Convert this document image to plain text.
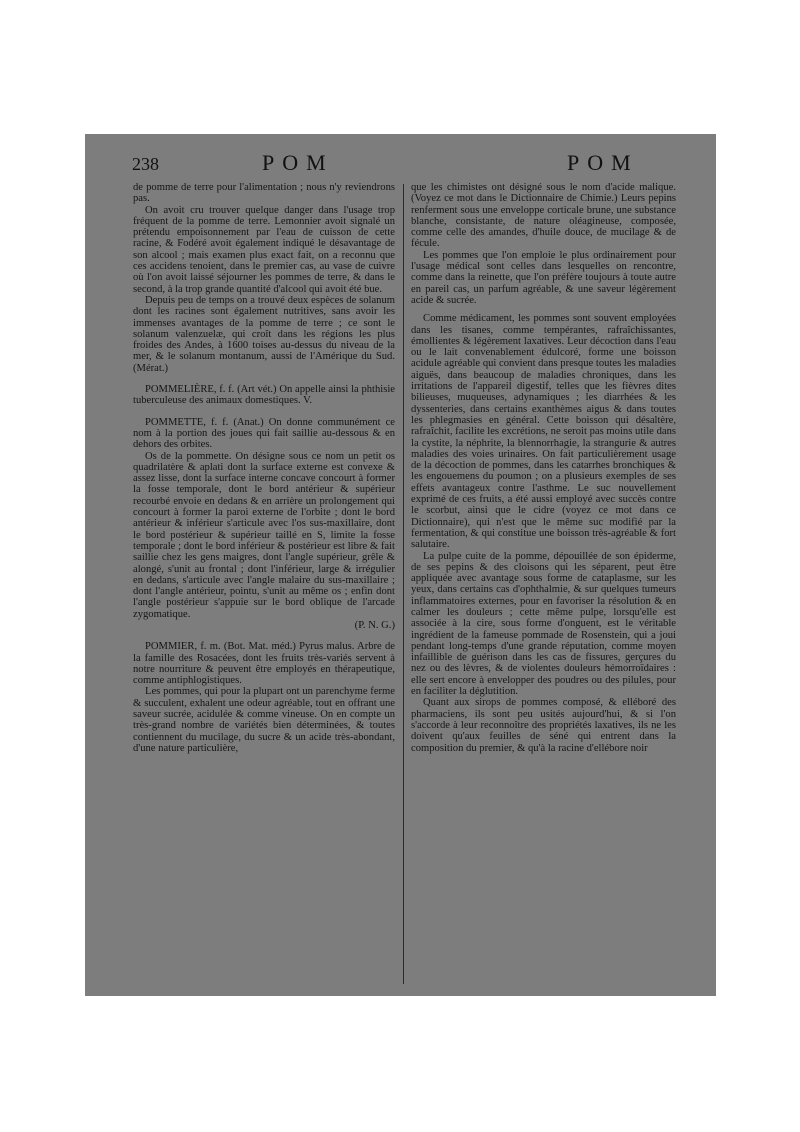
238	POM	POM

de pomme de terre pour l'alimentation ; nous n'y reviendrons pas.

On avoit cru trouver quelque danger dans l'usage trop fréquent de la pomme de terre. Lemonnier avoit signalé un prétendu empoisonnement par l'eau de cuisson de cette racine, & Fodéré avoit également indiqué le désavantage de son alcool ; mais examen plus exact fait, on a reconnu que ces accidens tenoient, dans le premier cas, au vase de cuivre où l'on avoit laissé séjourner les pommes de terre, & dans le second, à la trop grande quantité d'alcool qui avoit été bue.

Depuis peu de temps on a trouvé deux espèces de solanum dont les racines sont également nutritives, sans avoir les immenses avantages de la pomme de terre ; ce sont le solanum valenzuelæ, qui croît dans les régions les plus froides des Andes, à 1600 toises au-dessus du niveau de la mer, & le solanum montanum, aussi de l'Amérique du Sud. (Mérat.)

POMMELIÈRE, f. f. (Art vét.) On appelle ainsi la phthisie tuberculeuse des animaux domestiques. V.

POMMETTE, f. f. (Anat.) On donne communément ce nom à la portion des joues qui fait saillie au-dessous & en dehors des orbites.

Os de la pommette. On désigne sous ce nom un petit os quadrilatère & aplati dont la surface externe est convexe & assez lisse, dont la surface interne concave concourt à former la fosse temporale, dont le bord antérieur & supérieur recourbé envoie en dedans & en arrière un prolongement qui concourt à former la paroi externe de l'orbite ; dont le bord antérieur & inférieur s'articule avec l'os sus-maxillaire, dont le bord postérieur & supérieur taillé en S, limite la fosse temporale ; dont le bord inférieur & postérieur est libre & fait saillie chez les gens maigres, dont l'angle supérieur, grêle & alongé, s'unit au frontal ; dont l'inférieur, large & irrégulier en dedans, s'articule avec l'angle malaire du sus-maxillaire ; dont l'angle antérieur, pointu, s'unit au même os ; enfin dont l'angle postérieur s'appuie sur le bord oblique de l'arcade zygomatique.

(P. N. G.)

POMMIER, f. m. (Bot. Mat. méd.) Pyrus malus. Arbre de la famille des Rosacées, dont les fruits très-variés servent à notre nourriture & peuvent être employés en thérapeutique, comme antiphlogistiques.

Les pommes, qui pour la plupart ont un parenchyme ferme & succulent, exhalent une odeur agréable, tout en offrant une saveur sucrée, acidulée & comme vineuse. On en compte un très-grand nombre de variétés bien déterminées, & toutes contiennent du mucilage, du sucre & un acide très-abondant, d'une nature particulière,

que les chimistes ont désigné sous le nom d'acide malique. (Voyez ce mot dans le Dictionnaire de Chimie.) Leurs pepins renferment sous une enveloppe corticale brune, une substance blanche, consistante, de nature oléagineuse, composée, comme celle des amandes, d'huile douce, de mucilage & de fécule.

Les pommes que l'on emploie le plus ordinairement pour l'usage médical sont celles dans lesquelles on rencontre, comme dans la reinette, que l'on préfère toujours à toute autre en pareil cas, un parfum agréable, & une saveur légèrement acide & sucrée.

Comme médicament, les pommes sont souvent employées dans les tisanes, comme tempérantes, rafraîchissantes, émollientes & légèrement laxatives. Leur décoction dans l'eau ou le lait convenablement édulcoré, forme une boisson acidule agréable qui convient dans presque toutes les maladies aiguës, dans beaucoup de maladies chroniques, dans les irritations de l'appareil digestif, telles que les fièvres dites bilieuses, muqueuses, adynamiques ; les diarrhées & les dyssenteries, dans certains exanthèmes aigus & dans toutes les phlegmasies en général. Cette boisson qui désaltère, rafraîchit, facilite les excrétions, ne seroit pas moins utile dans la cystite, la néphrite, la blennorrhagie, la strangurie & autres maladies des voies urinaires. On fait particulièrement usage de la décoction de pommes, dans les catarrhes bronchiques & les engouemens du poumon ; on a plusieurs exemples de ses effets avantageux contre l'asthme. Le suc nouvellement exprimé de ces fruits, a été aussi employé avec succès contre le scorbut, ainsi que le cidre (voyez ce mot dans ce Dictionnaire), qui n'est que le même suc modifié par la fermentation, & qui constitue une boisson très-agréable & fort salutaire.

La pulpe cuite de la pomme, dépouillée de son épiderme, de ses pepins & des cloisons qui les séparent, peut être appliquée avec avantage sous forme de cataplasme, sur les yeux, dans certains cas d'ophthalmie, & sur quelques tumeurs inflammatoires externes, pour en favoriser la résolution & en calmer les douleurs ; cette même pulpe, lorsqu'elle est associée à la cire, sous forme d'onguent, est le véritable ingrédient de la fameuse pommade de Rosenstein, qui a joui pendant long-temps d'une grande réputation, comme moyen infaillible de guérison dans les cas de fissures, gerçures du nez ou des lèvres, & de violentes douleurs hémorroïdaires : elle sert encore à envelopper des poudres ou des pilules, pour en faciliter la déglutition.

Quant aux sirops de pommes composé, & elléboré des pharmaciens, ils sont peu usités aujourd'hui, & si l'on s'accorde à leur reconnoître des propriétés laxatives, ils ne les doivent qu'aux feuilles de séné qui entrent dans la composition du premier, & qu'à la racine d'ellébore noir
